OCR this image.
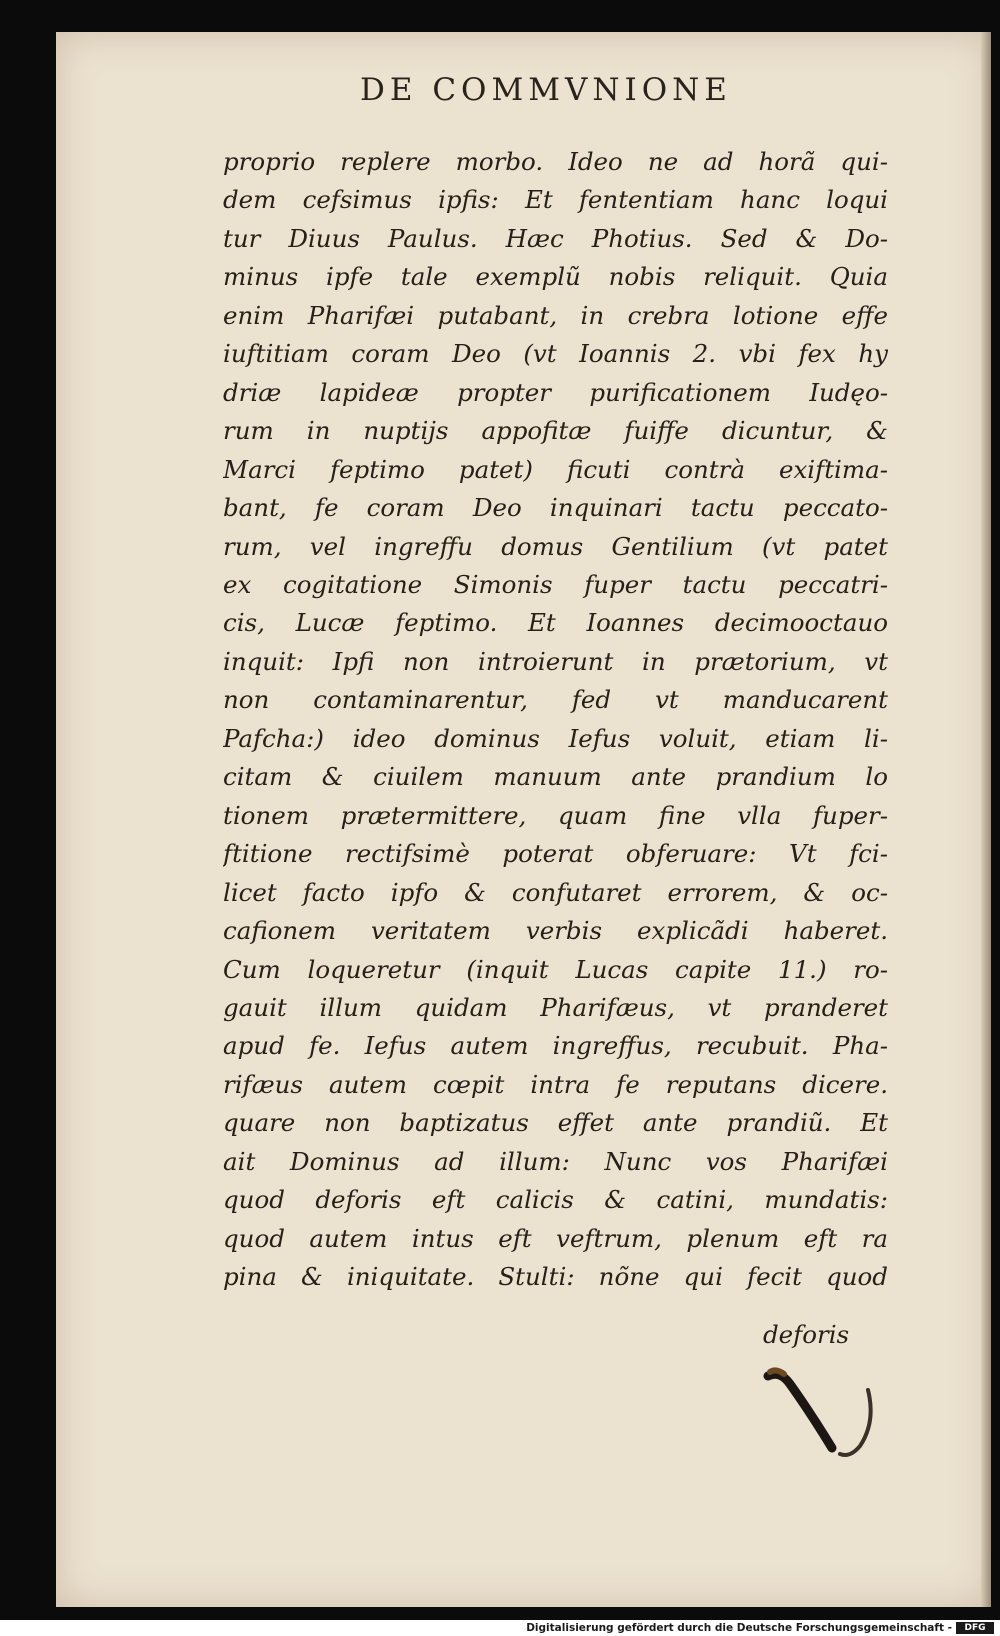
DE COMMVNIONE
proprio replere morbo. Ideo ne ad horã qui-
dem cefsimus ipfis: Et fententiam hanc loqui
tur Diuus Paulus. Hæc Photius. Sed & Do-
minus ipfe tale exemplũ nobis reliquit. Quia
enim Pharifæi putabant, in crebra lotione effe
iuftitiam coram Deo (vt Ioannis 2. vbi fex hy
driæ lapideæ propter purificationem Iudęo-
rum in nuptijs appofitæ fuiffe dicuntur, &
Marci feptimo patet) ficuti contrà exiftima-
bant, fe coram Deo inquinari tactu peccato-
rum, vel ingreffu domus Gentilium (vt patet
ex cogitatione Simonis fuper tactu peccatri-
cis, Lucæ feptimo. Et Ioannes decimooctauo
inquit: Ipfi non introierunt in prætorium, vt
non contaminarentur, fed vt manducarent
Pafcha:) ideo dominus Iefus voluit, etiam li-
citam & ciuilem manuum ante prandium lo
tionem prætermittere, quam fine vlla fuper-
ftitione rectifsimè poterat obferuare: Vt fci-
licet facto ipfo & confutaret errorem, & oc-
cafionem veritatem verbis explicãdi haberet.
Cum loqueretur (inquit Lucas capite 11.) ro-
gauit illum quidam Pharifæus, vt pranderet
apud fe. Iefus autem ingreffus, recubuit. Pha-
rifæus autem cœpit intra fe reputans dicere.
quare non baptizatus effet ante prandiũ. Et
ait Dominus ad illum: Nunc vos Pharifæi
quod deforis eft calicis & catini, mundatis:
quod autem intus eft veftrum, plenum eft ra
pina & iniquitate. Stulti: nõne qui fecit quod
deforis
Digitalisierung gefördert durch die Deutsche Forschungsgemeinschaft -	DFG
